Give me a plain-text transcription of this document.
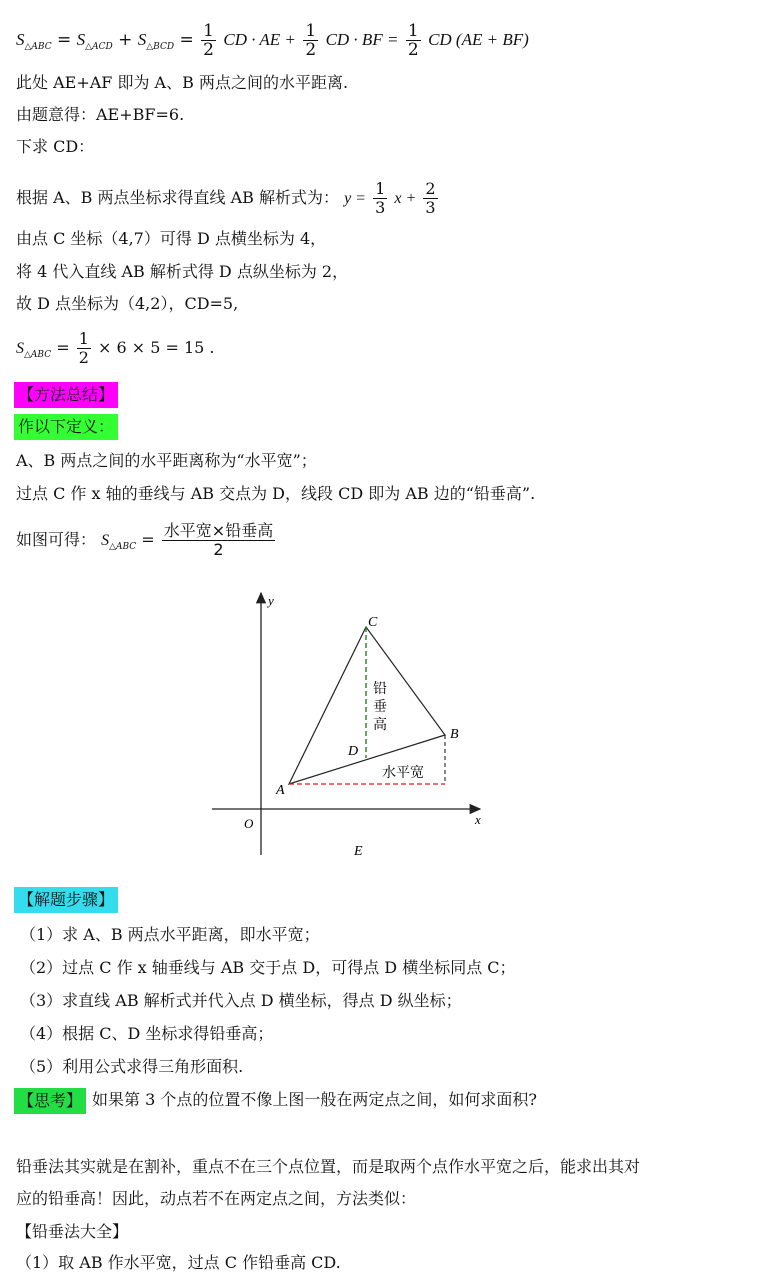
$S_{\triangle ABC} = S_{\triangle ACD} + S_{\triangle BCD} = \frac{1}{2}$ CD · AE + $\frac{1}{2}$ CD · BF = $\frac{1}{2}$ CD (AE + BF)
此处 AE+AF 即为 A、B 两点之间的水平距离.
由题意得：AE+BF=6.
下求 CD：
根据 A、B 两点坐标求得直线 AB 解析式为： $y = \frac{1}{3}$ $x + \frac{2}{3}$
由点 C 坐标（4,7）可得 D 点横坐标为 4，
将 4 代入直线 AB 解析式得 D 点纵坐标为 2，
故 D 点坐标为（4,2），CD=5,
$S_{\triangle ABC} = \frac{1}{2} \times 6 \times 5 = 15$ .
【方法总结】
作以下定义：
A、B 两点之间的水平距离称为“水平宽”；
过点 C 作 x 轴的垂线与 AB 交点为 D，线段 CD 即为 AB 边的“铅垂高”.
如图可得： $S_{\triangle ABC} = \frac{\text{水平宽×铅垂高}}{2}$
y
x
O
A
B
C
D
E
铅
垂
高
水平宽
【解题步骤】
（1）求 A、B 两点水平距离，即水平宽；
（2）过点 C 作 x 轴垂线与 AB 交于点 D，可得点 D 横坐标同点 C；
（3）求直线 AB 解析式并代入点 D 横坐标，得点 D 纵坐标；
（4）根据 C、D 坐标求得铅垂高；
（5）利用公式求得三角形面积.
【思考】 如果第 3 个点的位置不像上图一般在两定点之间，如何求面积?
铅垂法其实就是在割补，重点不在三个点位置，而是取两个点作水平宽之后，能求出其对
应的铅垂高！因此，动点若不在两定点之间，方法类似：
【铅垂法大全】
（1）取 AB 作水平宽，过点 C 作铅垂高 CD.
